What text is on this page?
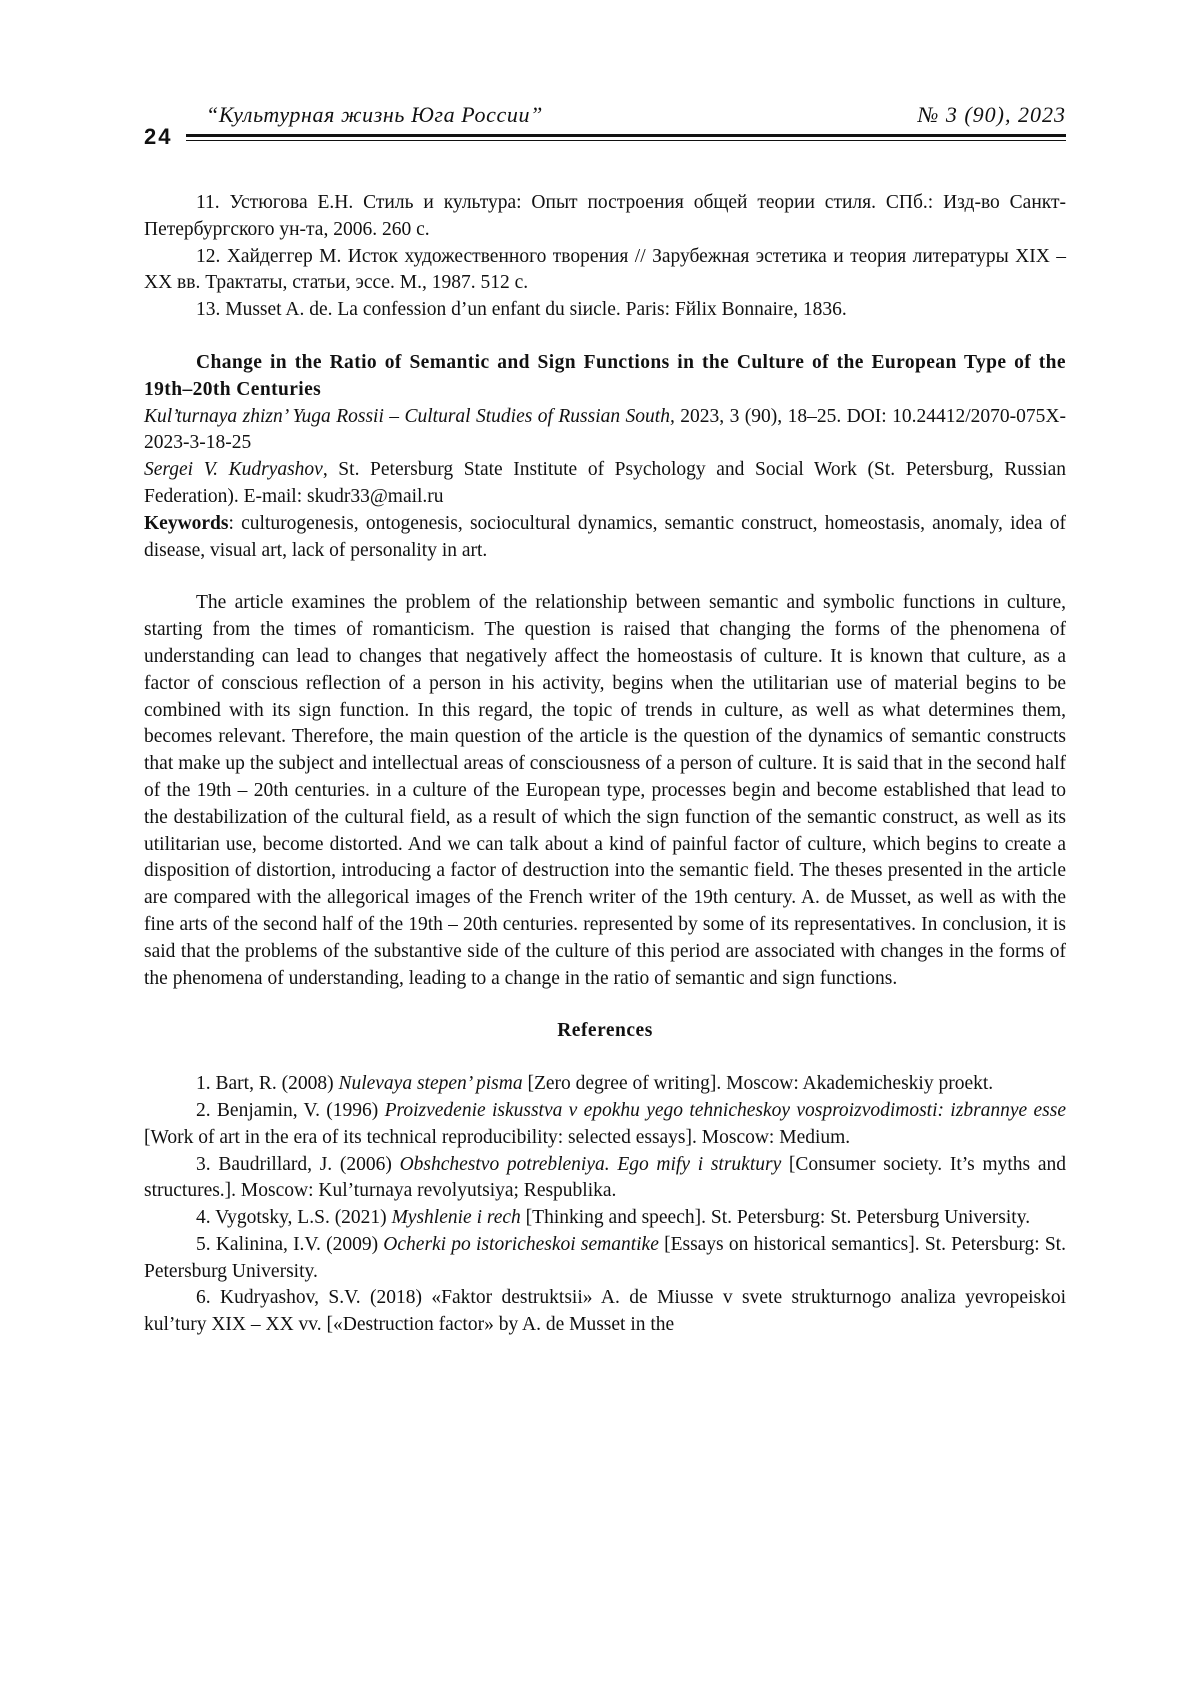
24
“Культурная жизнь Юга России”	№ 3 (90), 2023

11. Устюгова Е.Н. Стиль и культура: Опыт построения общей теории стиля. СПб.: Изд-во Санкт-Петербургского ун-та, 2006. 260 с.

12. Хайдеггер М. Исток художественного творения // Зарубежная эстетика и теория литературы XIX – XX вв. Трактаты, статьи, эссе. М., 1987. 512 с.

13. Musset A. de. La confession d’un enfant du siиcle. Paris: Fйlix Bonnaire, 1836.

Change in the Ratio of Semantic and Sign Functions in the Culture of the European Type of the 19th–20th Centuries

Kul’turnaya zhizn’ Yuga Rossii – Cultural Studies of Russian South, 2023, 3 (90), 18–25. DOI: 10.24412/2070-075X-2023-3-18-25

Sergei V. Kudryashov, St. Petersburg State Institute of Psychology and Social Work (St. Petersburg, Russian Federation). E-mail: skudr33@mail.ru

Keywords: culturogenesis, ontogenesis, sociocultural dynamics, semantic construct, homeostasis, anomaly, idea of disease, visual art, lack of personality in art.

The article examines the problem of the relationship between semantic and symbolic functions in culture, starting from the times of romanticism. The question is raised that changing the forms of the phenomena of understanding can lead to changes that negatively affect the homeostasis of culture. It is known that culture, as a factor of conscious reflection of a person in his activity, begins when the utilitarian use of material begins to be combined with its sign function. In this regard, the topic of trends in culture, as well as what determines them, becomes relevant. Therefore, the main question of the article is the question of the dynamics of semantic constructs that make up the subject and intellectual areas of consciousness of a person of culture. It is said that in the second half of the 19th – 20th centuries. in a culture of the European type, processes begin and become established that lead to the destabilization of the cultural field, as a result of which the sign function of the semantic construct, as well as its utilitarian use, become distorted. And we can talk about a kind of painful factor of culture, which begins to create a disposition of distortion, introducing a factor of destruction into the semantic field. The theses presented in the article are compared with the allegorical images of the French writer of the 19th century. A. de Musset, as well as with the fine arts of the second half of the 19th – 20th centuries. represented by some of its representatives. In conclusion, it is said that the problems of the substantive side of the culture of this period are associated with changes in the forms of the phenomena of understanding, leading to a change in the ratio of semantic and sign functions.

References

1. Bart, R. (2008) Nulevaya stepen’ pisma [Zero degree of writing]. Moscow: Akademicheskiy proekt.

2. Benjamin, V. (1996) Proizvedenie iskusstva v epokhu yego tehnicheskoy vosproizvodimosti: izbrannye esse [Work of art in the era of its technical reproducibility: selected essays]. Moscow: Medium.

3. Baudrillard, J. (2006) Obshchestvo potrebleniya. Ego mify i struktury [Consumer society. It’s myths and structures.]. Moscow: Kul’turnaya revolyutsiya; Respublika.

4. Vygotsky, L.S. (2021) Myshlenie i rech [Thinking and speech]. St. Petersburg: St. Petersburg University.

5. Kalinina, I.V. (2009) Ocherki po istoricheskoi semantike [Essays on historical semantics]. St. Petersburg: St. Petersburg University.

6. Kudryashov, S.V. (2018) «Faktor destruktsii» A. de Miusse v svete strukturnogo analiza yevropeiskoi kul’tury XIX – XX vv. [«Destruction factor» by A. de Musset in the
